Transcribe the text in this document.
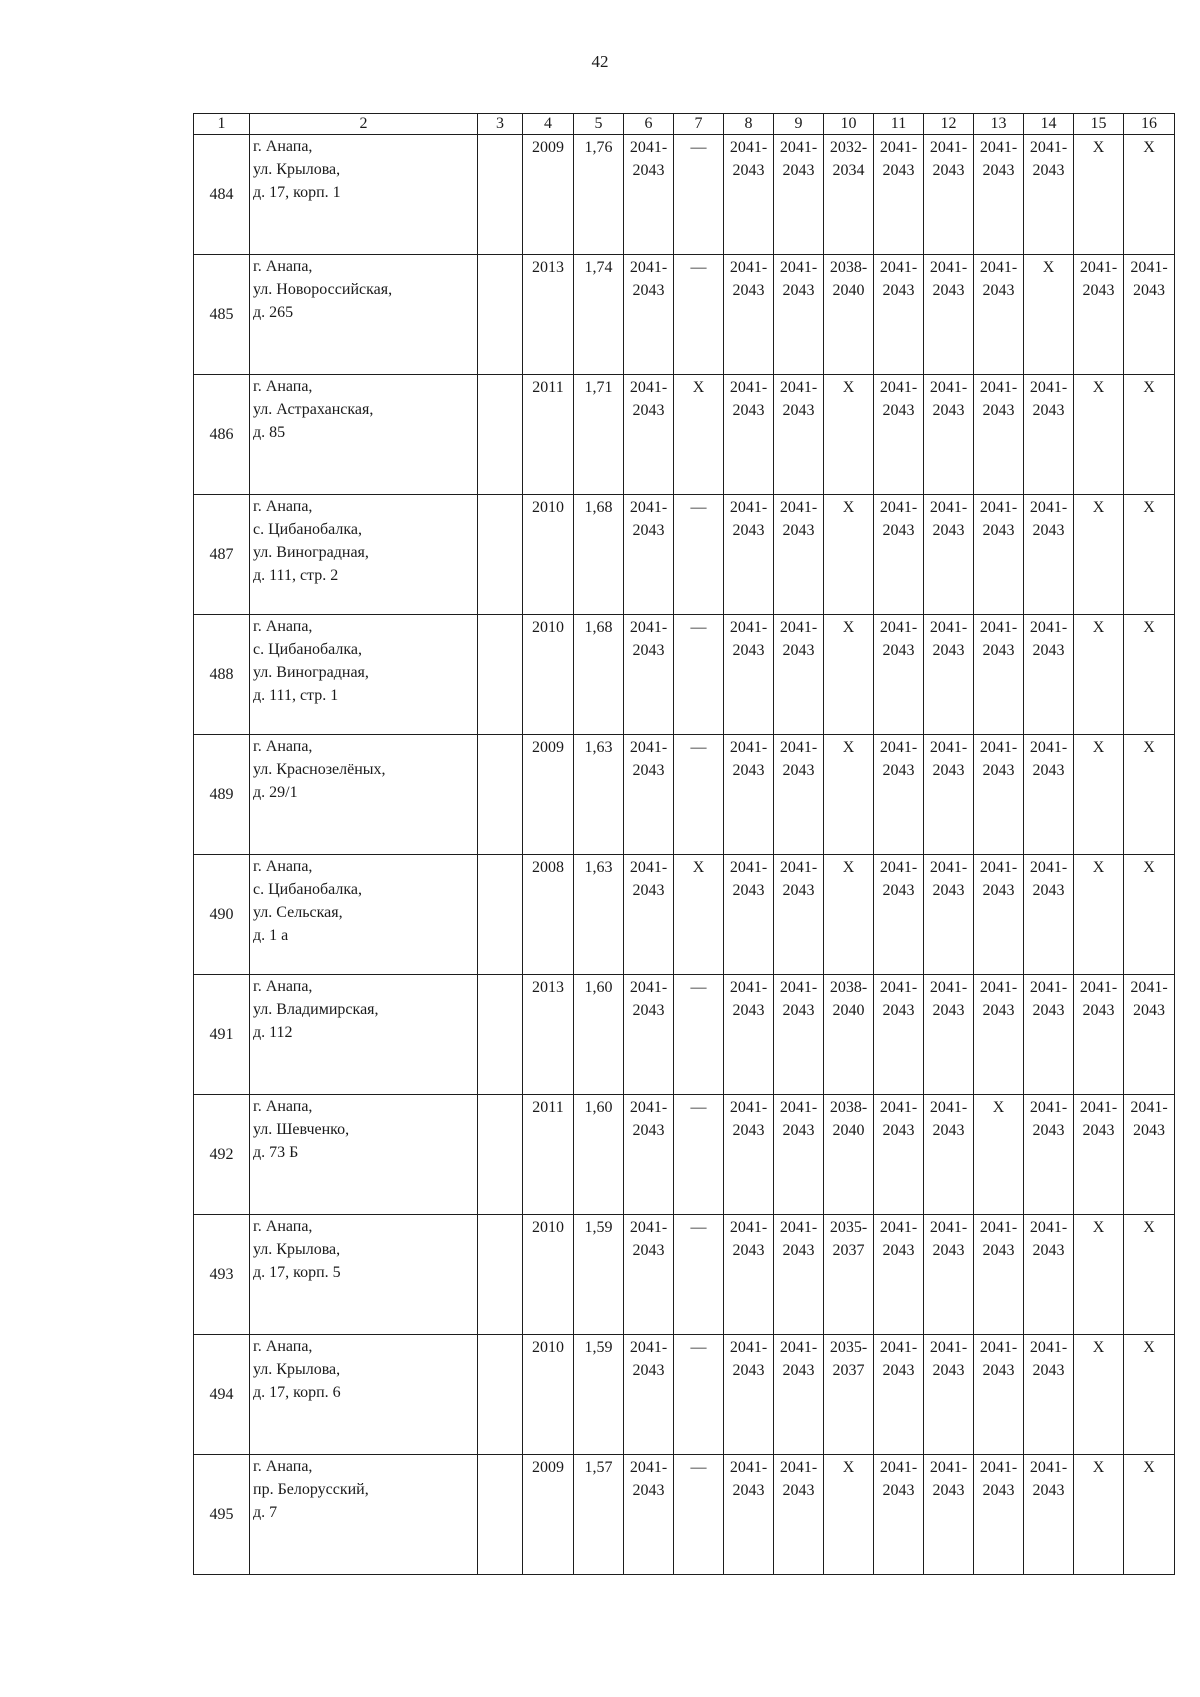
42
1	2	3	4	5	6	7	8	9	10	11	12	13	14	15	16
484	г. Анапа,
ул. Крылова,
д. 17, корп. 1		2009	1,76	2041-
2043	—	2041-
2043	2041-
2043	2032-
2034	2041-
2043	2041-
2043	2041-
2043	2041-
2043	X	X

485	г. Анапа,
ул. Новороссийская,
д. 265		2013	1,74	2041-
2043	—	2041-
2043	2041-
2043	2038-
2040	2041-
2043	2041-
2043	2041-
2043	X	2041-
2043	2041-
2043

486	г. Анапа,
ул. Астраханская,
д. 85		2011	1,71	2041-
2043	X	2041-
2043	2041-
2043	X	2041-
2043	2041-
2043	2041-
2043	2041-
2043	X	X

487	г. Анапа,
с. Цибанобалка,
ул. Виноградная,
д. 111, стр. 2		2010	1,68	2041-
2043	—	2041-
2043	2041-
2043	X	2041-
2043	2041-
2043	2041-
2043	2041-
2043	X	X

488	г. Анапа,
с. Цибанобалка,
ул. Виноградная,
д. 111, стр. 1		2010	1,68	2041-
2043	—	2041-
2043	2041-
2043	X	2041-
2043	2041-
2043	2041-
2043	2041-
2043	X	X

489	г. Анапа,
ул. Краснозелёных,
д. 29/1		2009	1,63	2041-
2043	—	2041-
2043	2041-
2043	X	2041-
2043	2041-
2043	2041-
2043	2041-
2043	X	X

490	г. Анапа,
с. Цибанобалка,
ул. Сельская,
д. 1 а		2008	1,63	2041-
2043	X	2041-
2043	2041-
2043	X	2041-
2043	2041-
2043	2041-
2043	2041-
2043	X	X

491	г. Анапа,
ул. Владимирская,
д. 112		2013	1,60	2041-
2043	—	2041-
2043	2041-
2043	2038-
2040	2041-
2043	2041-
2043	2041-
2043	2041-
2043	2041-
2043	2041-
2043

492	г. Анапа,
ул. Шевченко,
д. 73 Б		2011	1,60	2041-
2043	—	2041-
2043	2041-
2043	2038-
2040	2041-
2043	2041-
2043	X	2041-
2043	2041-
2043	2041-
2043

493	г. Анапа,
ул. Крылова,
д. 17, корп. 5		2010	1,59	2041-
2043	—	2041-
2043	2041-
2043	2035-
2037	2041-
2043	2041-
2043	2041-
2043	2041-
2043	X	X

494	г. Анапа,
ул. Крылова,
д. 17, корп. 6		2010	1,59	2041-
2043	—	2041-
2043	2041-
2043	2035-
2037	2041-
2043	2041-
2043	2041-
2043	2041-
2043	X	X

495	г. Анапа,
пр. Белорусский,
д. 7		2009	1,57	2041-
2043	—	2041-
2043	2041-
2043	X	2041-
2043	2041-
2043	2041-
2043	2041-
2043	X	X
